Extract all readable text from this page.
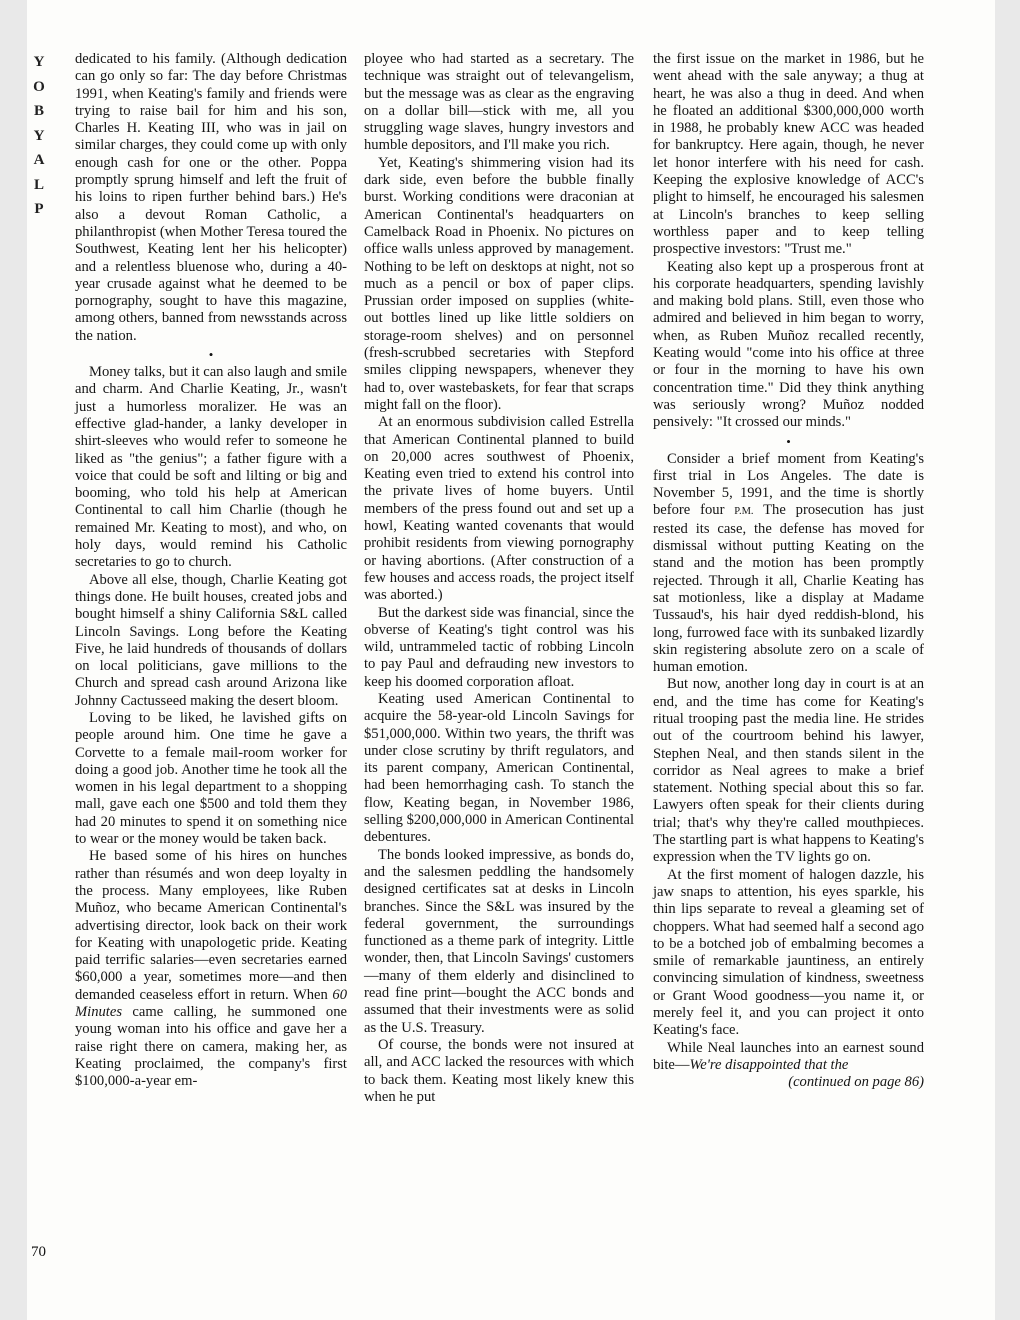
Y
O
B
Y
A
L
P
70

dedicated to his family. (Although dedication can go only so far: The day before Christmas 1991, when Keating's family and friends were trying to raise bail for him and his son, Charles H. Keating III, who was in jail on similar charges, they could come up with only enough cash for one or the other. Poppa promptly sprung himself and left the fruit of his loins to ripen further behind bars.) He's also a devout Roman Catholic, a philanthropist (when Mother Teresa toured the Southwest, Keating lent her his helicopter) and a relentless bluenose who, during a 40-year crusade against what he deemed to be pornography, sought to have this magazine, among others, banned from newsstands across the nation.

•

Money talks, but it can also laugh and smile and charm. And Charlie Keating, Jr., wasn't just a humorless moralizer. He was an effective glad-hander, a lanky developer in shirt-sleeves who would refer to someone he liked as "the genius"; a father figure with a voice that could be soft and lilting or big and booming, who told his help at American Continental to call him Charlie (though he remained Mr. Keating to most), and who, on holy days, would remind his Catholic secretaries to go to church.

Above all else, though, Charlie Keating got things done. He built houses, created jobs and bought himself a shiny California S&L called Lincoln Savings. Long before the Keating Five, he laid hundreds of thousands of dollars on local politicians, gave millions to the Church and spread cash around Arizona like Johnny Cactusseed making the desert bloom.

Loving to be liked, he lavished gifts on people around him. One time he gave a Corvette to a female mail-room worker for doing a good job. Another time he took all the women in his legal department to a shopping mall, gave each one $500 and told them they had 20 minutes to spend it on something nice to wear or the money would be taken back.

He based some of his hires on hunches rather than résumés and won deep loyalty in the process. Many employees, like Ruben Muñoz, who became American Continental's advertising director, look back on their work for Keating with unapologetic pride. Keating paid terrific salaries—even secretaries earned $60,000 a year, sometimes more—and then demanded ceaseless effort in return. When 60 Minutes came calling, he summoned one young woman into his office and gave her a raise right there on camera, making her, as Keating proclaimed, the company's first $100,000-a-year em-

ployee who had started as a secretary. The technique was straight out of televangelism, but the message was as clear as the engraving on a dollar bill—stick with me, all you struggling wage slaves, hungry investors and humble depositors, and I'll make you rich.

Yet, Keating's shimmering vision had its dark side, even before the bubble finally burst. Working conditions were draconian at American Continental's headquarters on Camelback Road in Phoenix. No pictures on office walls unless approved by management. Nothing to be left on desktops at night, not so much as a pencil or box of paper clips. Prussian order imposed on supplies (white-out bottles lined up like little soldiers on storage-room shelves) and on personnel (fresh-scrubbed secretaries with Stepford smiles clipping newspapers, whenever they had to, over wastebaskets, for fear that scraps might fall on the floor).

At an enormous subdivision called Estrella that American Continental planned to build on 20,000 acres southwest of Phoenix, Keating even tried to extend his control into the private lives of home buyers. Until members of the press found out and set up a howl, Keating wanted covenants that would prohibit residents from viewing pornography or having abortions. (After construction of a few houses and access roads, the project itself was aborted.)

But the darkest side was financial, since the obverse of Keating's tight control was his wild, untrammeled tactic of robbing Lincoln to pay Paul and defrauding new investors to keep his doomed corporation afloat.

Keating used American Continental to acquire the 58-year-old Lincoln Savings for $51,000,000. Within two years, the thrift was under close scrutiny by thrift regulators, and its parent company, American Continental, had been hemorrhaging cash. To stanch the flow, Keating began, in November 1986, selling $200,000,000 in American Continental debentures.

The bonds looked impressive, as bonds do, and the salesmen peddling the handsomely designed certificates sat at desks in Lincoln branches. Since the S&L was insured by the federal government, the surroundings functioned as a theme park of integrity. Little wonder, then, that Lincoln Savings' customers—many of them elderly and disinclined to read fine print—bought the ACC bonds and assumed that their investments were as solid as the U.S. Treasury.

Of course, the bonds were not insured at all, and ACC lacked the resources with which to back them. Keating most likely knew this when he put

the first issue on the market in 1986, but he went ahead with the sale anyway; a thug at heart, he was also a thug in deed. And when he floated an additional $300,000,000 worth in 1988, he probably knew ACC was headed for bankruptcy. Here again, though, he never let honor interfere with his need for cash. Keeping the explosive knowledge of ACC's plight to himself, he encouraged his salesmen at Lincoln's branches to keep selling worthless paper and to keep telling prospective investors: "Trust me."

Keating also kept up a prosperous front at his corporate headquarters, spending lavishly and making bold plans. Still, even those who admired and believed in him began to worry, when, as Ruben Muñoz recalled recently, Keating would "come into his office at three or four in the morning to have his own concentration time." Did they think anything was seriously wrong? Muñoz nodded pensively: "It crossed our minds."

•

Consider a brief moment from Keating's first trial in Los Angeles. The date is November 5, 1991, and the time is shortly before four P.M. The prosecution has just rested its case, the defense has moved for dismissal without putting Keating on the stand and the motion has been promptly rejected. Through it all, Charlie Keating has sat motionless, like a display at Madame Tussaud's, his hair dyed reddish-blond, his long, furrowed face with its sunbaked lizardly skin registering absolute zero on a scale of human emotion.

But now, another long day in court is at an end, and the time has come for Keating's ritual trooping past the media line. He strides out of the courtroom behind his lawyer, Stephen Neal, and then stands silent in the corridor as Neal agrees to make a brief statement. Nothing special about this so far. Lawyers often speak for their clients during trial; that's why they're called mouthpieces. The startling part is what happens to Keating's expression when the TV lights go on.

At the first moment of halogen dazzle, his jaw snaps to attention, his eyes sparkle, his thin lips separate to reveal a gleaming set of choppers. What had seemed half a second ago to be a botched job of embalming becomes a smile of remarkable jauntiness, an entirely convincing simulation of kindness, sweetness or Grant Wood goodness—you name it, or merely feel it, and you can project it onto Keating's face.

While Neal launches into an earnest sound bite—We're disappointed that the

(continued on page 86)
